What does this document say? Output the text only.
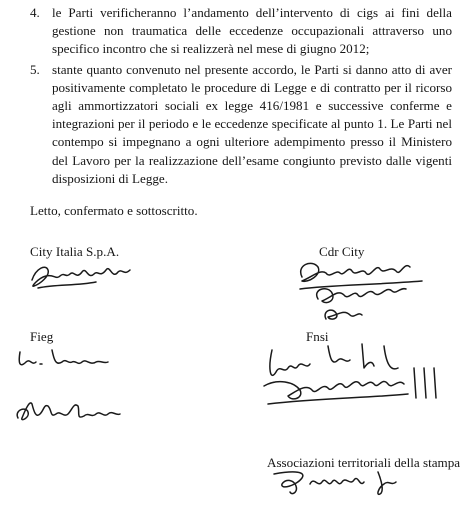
4. le Parti verificheranno l’andamento dell’intervento di cigs ai fini della gestione non traumatica delle eccedenze occupazionali attraverso uno specifico incontro che si realizzerà nel mese di giugno 2012;
5. stante quanto convenuto nel presente accordo, le Parti si danno atto di aver positivamente completato le procedure di Legge e di contratto per il ricorso agli ammortizzatori sociali ex legge 416/1981 e successive conferme e integrazioni per il periodo e le eccedenze specificate al punto 1. Le Parti nel contempo si impegnano a ogni ulteriore adempimento presso il Ministero del Lavoro per la realizzazione dell’esame congiunto previsto dalle vigenti disposizioni di Legge.
Letto, confermato e sottoscritto.
City Italia S.p.A.	Cdr City
Fieg	Fnsi
Associazioni territoriali della stampa
